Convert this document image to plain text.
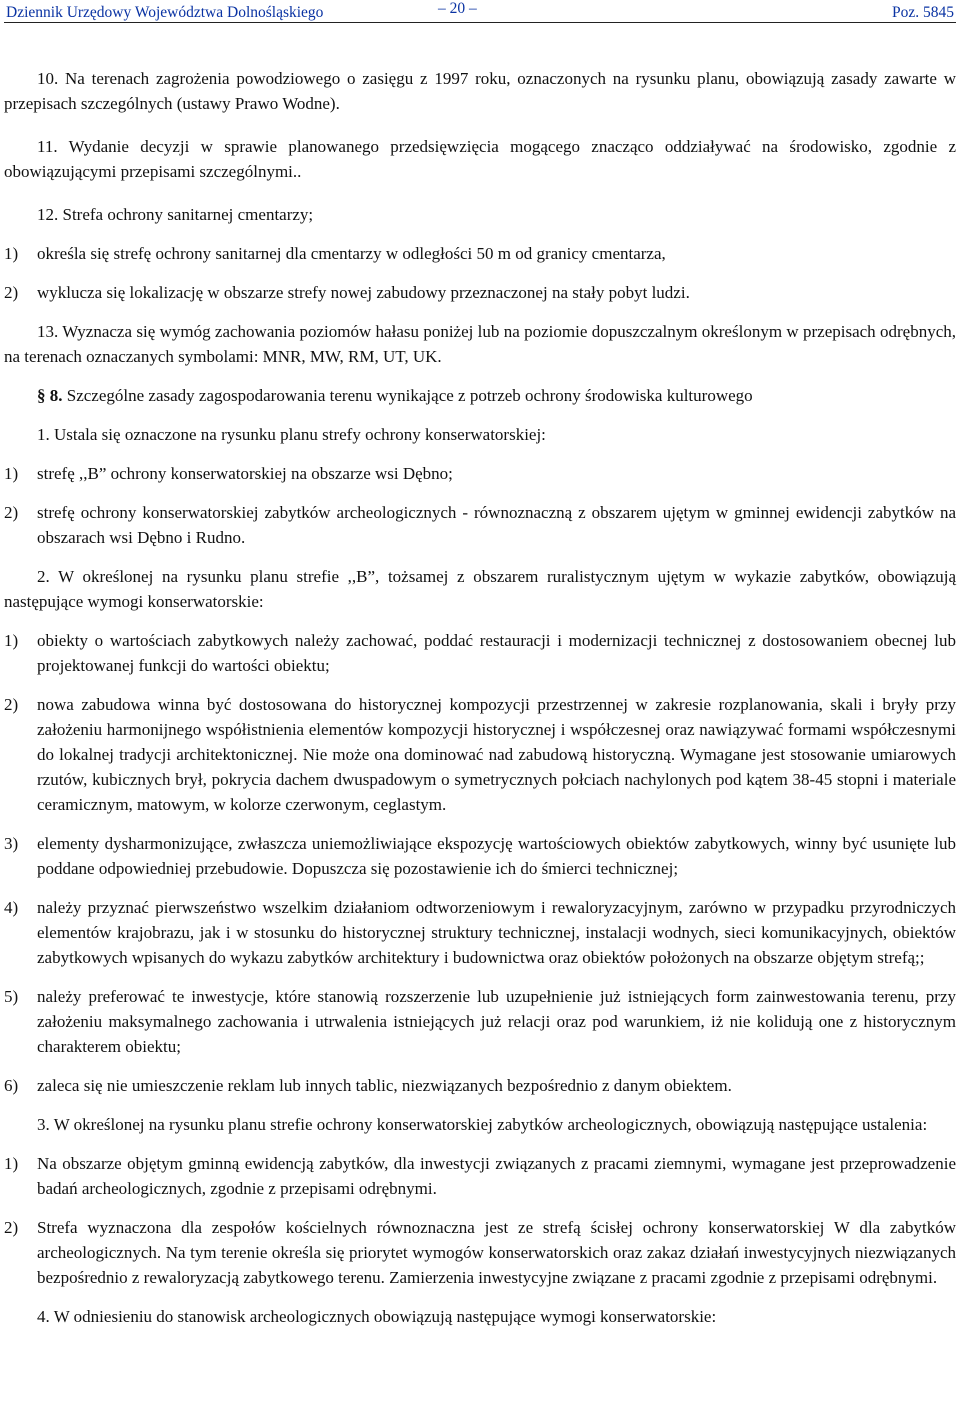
Dziennik Urzędowy Województwa Dolnośląskiego	– 20 –	Poz. 5845

10. Na terenach zagrożenia powodziowego o zasięgu z 1997 roku, oznaczonych na rysunku planu, obowiązują zasady zawarte w przepisach szczególnych (ustawy Prawo Wodne).

11. Wydanie decyzji w sprawie planowanego przedsięwzięcia mogącego znacząco oddziaływać na środowisko, zgodnie z obowiązującymi przepisami szczególnymi..

12. Strefa ochrony sanitarnej cmentarzy;

1) określa się strefę ochrony sanitarnej dla cmentarzy w odległości 50 m od granicy cmentarza,

2) wyklucza się lokalizację w obszarze strefy nowej zabudowy przeznaczonej na stały pobyt ludzi.

13. Wyznacza się wymóg zachowania poziomów hałasu poniżej lub na poziomie dopuszczalnym określonym w przepisach odrębnych, na terenach oznaczanych symbolami: MNR, MW, RM, UT, UK.

§ 8. Szczególne zasady zagospodarowania terenu wynikające z potrzeb ochrony środowiska kulturowego

1. Ustala się oznaczone na rysunku planu strefy ochrony konserwatorskiej:

1) strefę ,,B” ochrony konserwatorskiej na obszarze wsi Dębno;

2) strefę ochrony konserwatorskiej zabytków archeologicznych - równoznaczną z obszarem ujętym w gminnej ewidencji zabytków na obszarach wsi Dębno i Rudno.

2. W określonej na rysunku planu strefie ,,B”, tożsamej z obszarem ruralistycznym ujętym w wykazie zabytków, obowiązują następujące wymogi konserwatorskie:

1) obiekty o wartościach zabytkowych należy zachować, poddać restauracji i modernizacji technicznej z dostosowaniem obecnej lub projektowanej funkcji do wartości obiektu;

2) nowa zabudowa winna być dostosowana do historycznej kompozycji przestrzennej w zakresie rozplanowania, skali i bryły przy założeniu harmonijnego współistnienia elementów kompozycji historycznej i współczesnej oraz nawiązywać formami współczesnymi do lokalnej tradycji architektonicznej. Nie może ona dominować nad zabudową historyczną. Wymagane jest stosowanie umiarowych rzutów, kubicznych brył, pokrycia dachem dwuspadowym o symetrycznych połciach nachylonych pod kątem 38-45 stopni i materiale ceramicznym, matowym, w kolorze czerwonym, ceglastym.

3) elementy dysharmonizujące, zwłaszcza uniemożliwiające ekspozycję wartościowych obiektów zabytkowych, winny być usunięte lub poddane odpowiedniej przebudowie. Dopuszcza się pozostawienie ich do śmierci technicznej;

4) należy przyznać pierwszeństwo wszelkim działaniom odtworzeniowym i rewaloryzacyjnym, zarówno w przypadku przyrodniczych elementów krajobrazu, jak i w stosunku do historycznej struktury technicznej, instalacji wodnych, sieci komunikacyjnych, obiektów zabytkowych wpisanych do wykazu zabytków architektury i budownictwa oraz obiektów położonych na obszarze objętym strefą;;

5) należy preferować te inwestycje, które stanowią rozszerzenie lub uzupełnienie już istniejących form zainwestowania terenu, przy założeniu maksymalnego zachowania i utrwalenia istniejących już relacji oraz pod warunkiem, iż nie kolidują one z historycznym charakterem obiektu;

6) zaleca się nie umieszczenie reklam lub innych tablic, niezwiązanych bezpośrednio z danym obiektem.

3. W określonej na rysunku planu strefie ochrony konserwatorskiej zabytków archeologicznych, obowiązują następujące ustalenia:

1) Na obszarze objętym gminną ewidencją zabytków, dla inwestycji związanych z pracami ziemnymi, wymagane jest przeprowadzenie badań archeologicznych, zgodnie z przepisami odrębnymi.

2) Strefa wyznaczona dla zespołów kościelnych równoznaczna jest ze strefą ścisłej ochrony konserwatorskiej W dla zabytków archeologicznych. Na tym terenie określa się priorytet wymogów konserwatorskich oraz zakaz działań inwestycyjnych niezwiązanych bezpośrednio z rewaloryzacją zabytkowego terenu. Zamierzenia inwestycyjne związane z pracami zgodnie z przepisami odrębnymi.

4. W odniesieniu do stanowisk archeologicznych obowiązują następujące wymogi konserwatorskie:
